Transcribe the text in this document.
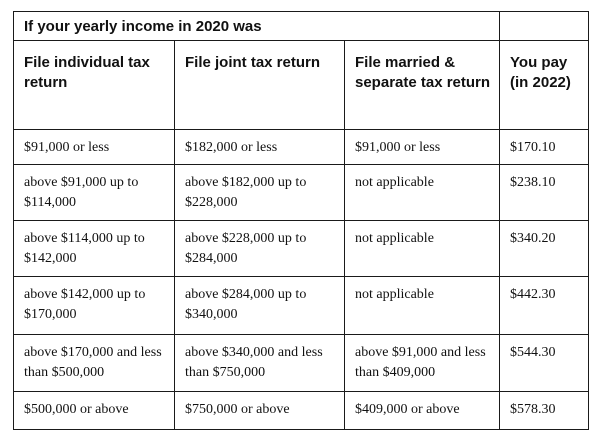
If your yearly income in 2020 was			
File individual tax return	File joint tax return	File married & separate tax return	You pay (in 2022)
$91,000 or less	$182,000 or less	$91,000 or less	$170.10
above $91,000 up to $114,000	above $182,000 up to $228,000	not applicable	$238.10
above $114,000 up to $142,000	above $228,000 up to $284,000	not applicable	$340.20
above $142,000 up to $170,000	above $284,000 up to $340,000	not applicable	$442.30
above $170,000 and less than $500,000	above $340,000 and less than $750,000	above $91,000 and less than $409,000	$544.30
$500,000 or above	$750,000 or above	$409,000 or above	$578.30
